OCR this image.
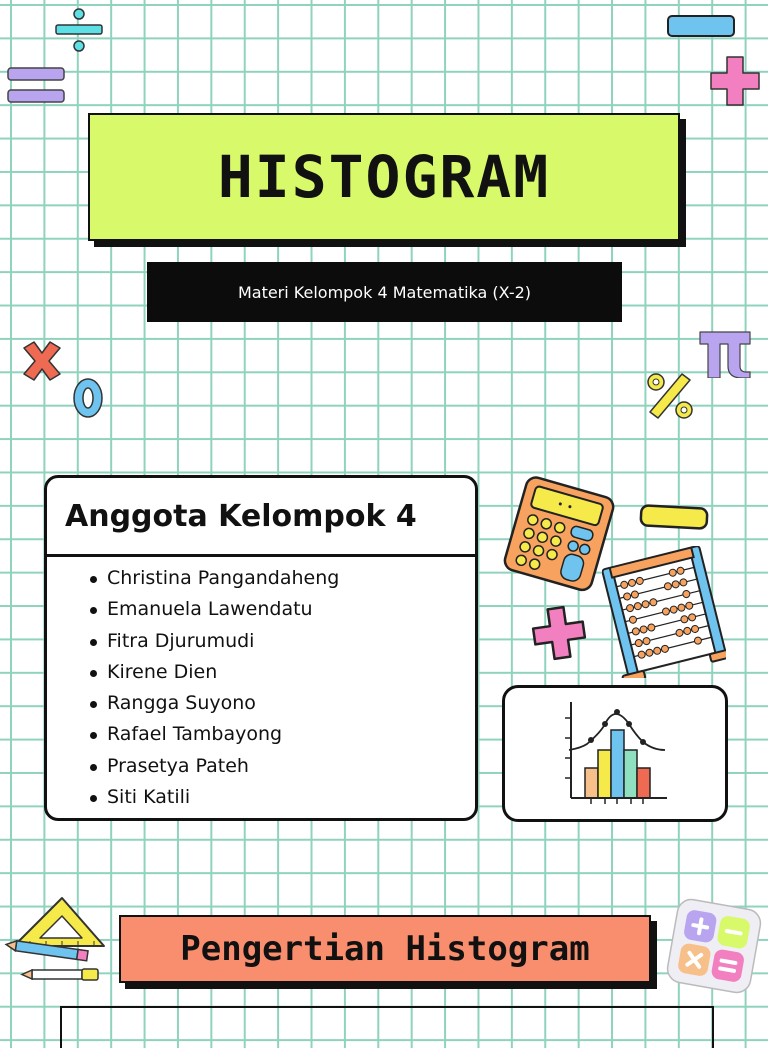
HISTOGRAM
Materi Kelompok 4 Matematika (X-2)
Anggota Kelompok 4
Christina Pangandaheng
Emanuela Lawendatu
Fitra Djurumudi
Kirene Dien
Rangga Suyono
Rafael Tambayong
Prasetya Pateh
Siti Katili
Pengertian Histogram
